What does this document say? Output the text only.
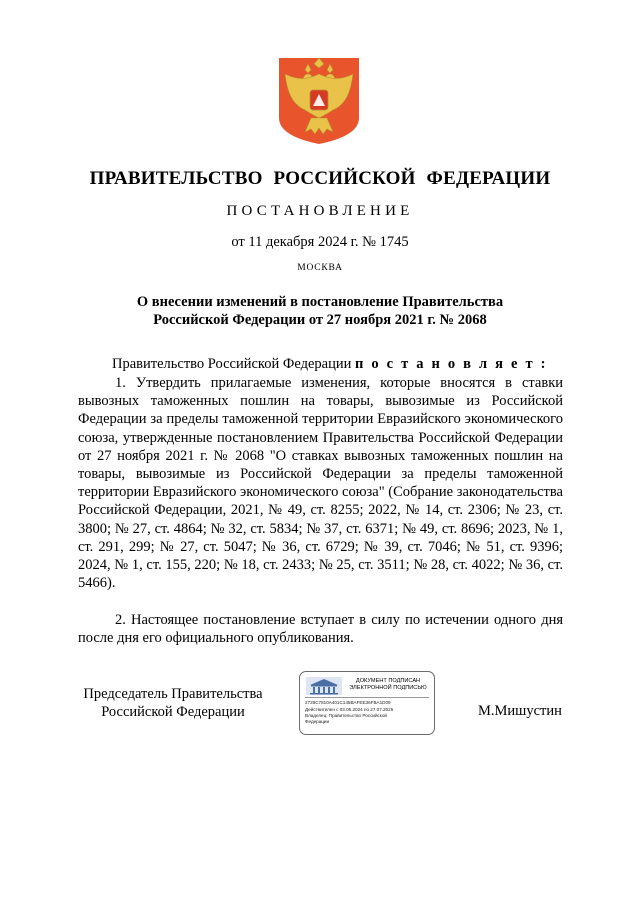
ПРАВИТЕЛЬСТВО РОССИЙСКОЙ ФЕДЕРАЦИИ
ПОСТАНОВЛЕНИЕ
от 11 декабря 2024 г. № 1745
МОСКВА
О внесении изменений в постановление Правительства
Российской Федерации от 27 ноября 2021 г. № 2068
Правительство Российской Федерации п о с т а н о в л я е т :
1. Утвердить прилагаемые изменения, которые вносятся в ставки вывозных таможенных пошлин на товары, вывозимые из Российской Федерации за пределы таможенной территории Евразийского экономического союза, утвержденные постановлением Правительства Российской Федерации от 27 ноября 2021 г. № 2068 "О ставках вывозных таможенных пошлин на товары, вывозимые из Российской Федерации за пределы таможенной территории Евразийского экономического союза" (Собрание законодательства Российской Федерации, 2021, № 49, ст. 8255; 2022, № 14, ст. 2306; № 23, ст. 3800; № 27, ст. 4864; № 32, ст. 5834; № 37, ст. 6371; № 49, ст. 8696; 2023, № 1, ст. 291, 299; № 27, ст. 5047; № 36, ст. 6729; № 39, ст. 7046; № 51, ст. 9396; 2024, № 1, ст. 155, 220; № 18, ст. 2433; № 25, ст. 3511; № 28, ст. 4022; № 36, ст. 5466).
2. Настоящее постановление вступает в силу по истечении одного дня после дня его официального опубликования.
Председатель Правительства
Российской Федерации
ДОКУМЕНТ ПОДПИСАН
ЭЛЕКТРОННОЙ ПОДПИСЬЮ
2726C7810A401C145BAFEE36FBA1D09
Действителен с 03.05.2024 по 27.07.2025
Владелец: Правительство Российской
Федерации
М.Мишустин
